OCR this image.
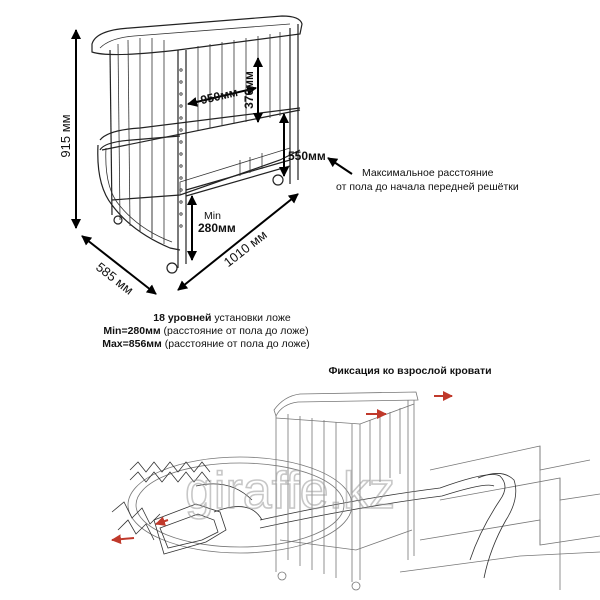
915 мм
585 мм
1010 мм
950мм 370мм
550мм
Min
280мм
Максимальное расстояние
от пола до начала передней решётки
18 уровней установки ложе
Min=280мм (расстояние от пола до ложе)
Max=856мм (расстояние от пола до ложе)
Фиксация ко взрослой кровати
giraffe.kz
